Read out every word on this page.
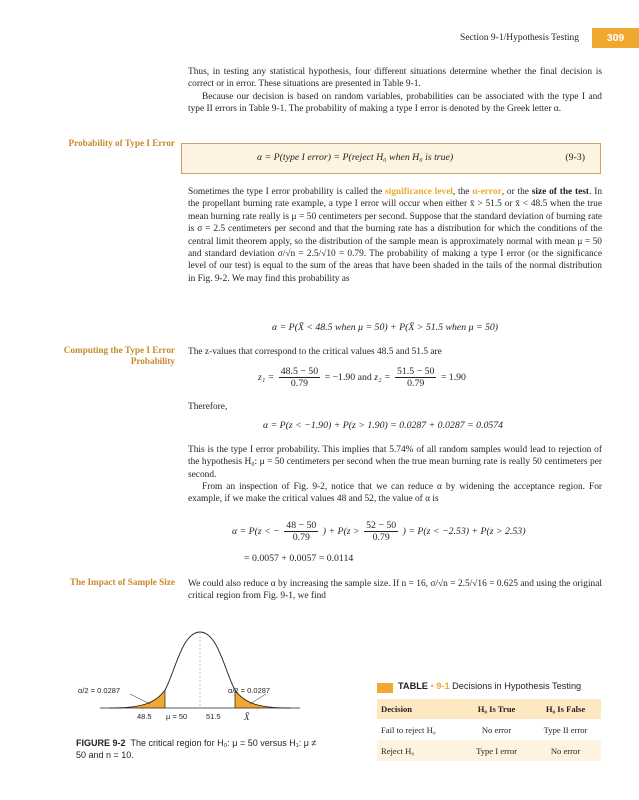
Section 9-1/Hypothesis Testing	309

Thus, in testing any statistical hypothesis, four different situations determine whether the final decision is correct or in error. These situations are presented in Table 9-1.

Because our decision is based on random variables, probabilities can be associated with the type I and type II errors in Table 9-1. The probability of making a type I error is denoted by the Greek letter α.

Probability of Type I Error
α = P(type I error) = P(reject H₀ when H₀ is true)	(9-3)

Sometimes the type I error probability is called the significance level, the α-error, or the size of the test. In the propellant burning rate example, a type I error will occur when either x̄ > 51.5 or x̄ < 48.5 when the true mean burning rate really is μ = 50 centimeters per second. Suppose that the standard deviation of burning rate is σ = 2.5 centimeters per second and that the burning rate has a distribution for which the conditions of the central limit theorem apply, so the distribution of the sample mean is approximately normal with mean μ = 50 and standard deviation σ/√n = 2.5/√10 = 0.79. The probability of making a type I error (or the significance level of our test) is equal to the sum of the areas that have been shaded in the tails of the normal distribution in Fig. 9-2. We may find this probability as

α = P(X̄ < 48.5 when μ = 50) + P(X̄ > 51.5 when μ = 50)
Computing the Type I Error Probability

The z-values that correspond to the critical values 48.5 and 51.5 are

$z_1 = \frac{48.5 - 50}{0.79} = -1.90$ and $z_2 = \frac{51.5 - 50}{0.79} = 1.90$

Therefore,

α = P(z < −1.90) + P(z > 1.90) = 0.0287 + 0.0287 = 0.0574

This is the type I error probability. This implies that 5.74% of all random samples would lead to rejection of the hypothesis H₀: μ = 50 centimeters per second when the true mean burning rate is really 50 centimeters per second.

From an inspection of Fig. 9-2, notice that we can reduce α by widening the acceptance region. For example, if we make the critical values 48 and 52, the value of α is

α = P(z < − $\frac{48 - 50}{0.79}$ ) + $P(z > \frac{52 - 50}{0.79}$ ) = P(z < −2.53) + P(z > 2.53)
= 0.0057 + 0.0057 = 0.0114
The Impact of Sample Size We could also reduce α by increasing the sample size. If n = 16, σ/√n = 2.5/√16 = 0.625 and using the original critical region from Fig. 9-1, we find

α/2 = 0.0287	α/2 = 0.0287
48.5 μ = 50	51.5	X̄
FIGURE 9-2 The critical region for H₀: μ = 50 versus H₁: μ ≠ 50 and n = 10.
TABLE • 9-1 Decisions in Hypothesis Testing
Decision	H₀ Is True	H₀ Is False
Fail to reject H₀	No error	Type II error
Reject H₀	Type I error	No error
